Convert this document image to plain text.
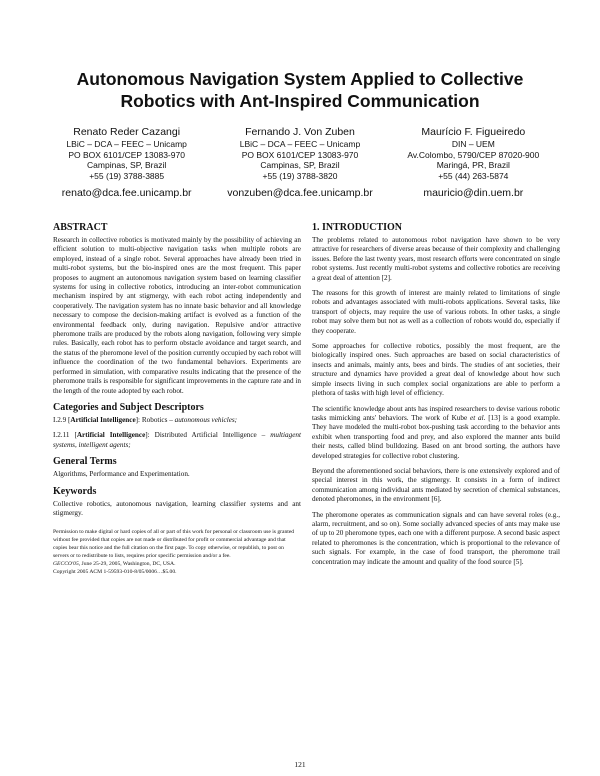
Autonomous Navigation System Applied to Collective Robotics with Ant-Inspired Communication
Renato Reder Cazangi
LBiC – DCA – FEEC – Unicamp
PO BOX 6101/CEP 13083-970
Campinas, SP, Brazil
+55 (19) 3788-3885
renato@dca.fee.unicamp.br
Fernando J. Von Zuben
LBiC – DCA – FEEC – Unicamp
PO BOX 6101/CEP 13083-970
Campinas, SP, Brazil
+55 (19) 3788-3820
vonzuben@dca.fee.unicamp.br
Maurício F. Figueiredo
DIN – UEM
Av.Colombo, 5790/CEP 87020-900
Maringá, PR, Brazil
+55 (44) 263-5874
mauricio@din.uem.br
ABSTRACT

Research in collective robotics is motivated mainly by the possibility of achieving an efficient solution to multi-objective navigation tasks when multiple robots are employed, instead of a single robot. Several approaches have already been tried in multi-robot systems, but the bio-inspired ones are the most frequent. This paper proposes to augment an autonomous navigation system based on learning classifier systems for using in collective robotics, introducing an inter-robot communication mechanism inspired by ant stigmergy, with each robot acting independently and cooperatively. The navigation system has no innate basic behavior and all knowledge necessary to compose the decision-making artifact is evolved as a function of the environmental feedback only, during navigation. Repulsive and/or attractive pheromone trails are produced by the robots along navigation, following very simple rules. Basically, each robot has to perform obstacle avoidance and target search, and the status of the pheromone level of the position currently occupied by each robot will influence the coordination of the two fundamental behaviors. Experiments are performed in simulation, with comparative results indicating that the presence of the pheromone trails is responsible for significant improvements in the capture rate and in the length of the route adopted by each robot.

Categories and Subject Descriptors

I.2.9 [Artificial Intelligence]: Robotics – autonomous vehicles;

I.2.11 [Artificial Intelligence]: Distributed Artificial Intelligence – multiagent systems, intelligent agents;

General Terms

Algorithms, Performance and Experimentation.

Keywords

Collective robotics, autonomous navigation, learning classifier systems and ant stigmergy.

Permission to make digital or hard copies of all or part of this work for personal or classroom use is granted without fee provided that copies are not made or distributed for profit or commercial advantage and that copies bear this notice and the full citation on the first page. To copy otherwise, or republish, to post on servers or to redistribute to lists, requires prior specific permission and/or a fee.
GECCO'05, June 25-29, 2005, Washington, DC, USA.
Copyright 2005 ACM 1-59593-010-8/05/0006…$5.00.
1. INTRODUCTION

The problems related to autonomous robot navigation have shown to be very attractive for researchers of diverse areas because of their complexity and challenging issues. Before the last twenty years, most research efforts were concentrated on single robot systems. Just recently multi-robot systems and collective robotics are receiving a great deal of attention [2].

The reasons for this growth of interest are mainly related to limitations of single robots and advantages associated with multi-robots applications. Several tasks, like transport of objects, may require the use of various robots. In other tasks, a single robot may solve them but not as well as a collection of robots would do, especially if they cooperate.

Some approaches for collective robotics, possibly the most frequent, are the biologically inspired ones. Such approaches are based on social characteristics of insects and animals, mainly ants, bees and birds. The studies of ant societies, their structure and dynamics have provided a great deal of knowledge about how such simple insects living in such complex social organizations are able to perform a plethora of tasks with high level of efficiency.

The scientific knowledge about ants has inspired researchers to devise various robotic tasks mimicking ants' behaviors. The work of Kube et al. [13] is a good example. They have modeled the multi-robot box-pushing task according to the behavior ants exhibit when transporting food and prey, and also explored the manner ants build their nests, called blind bulldozing. Based on ant brood sorting, the authors have developed strategies for collective robot clustering.

Beyond the aforementioned social behaviors, there is one extensively explored and of special interest in this work, the stigmergy. It consists in a form of indirect communication among individual ants mediated by secretion of chemical substances, denoted pheromones, in the environment [6].

The pheromone operates as communication signals and can have several roles (e.g., alarm, recruitment, and so on). Some socially advanced species of ants may make use of up to 20 pheromone types, each one with a different purpose. A second basic aspect related to pheromones is the concentration, which is proportional to the relevance of such signals. For example, in the case of food transport, the pheromone trail concentration may indicate the amount and quality of the food source [5].

121
